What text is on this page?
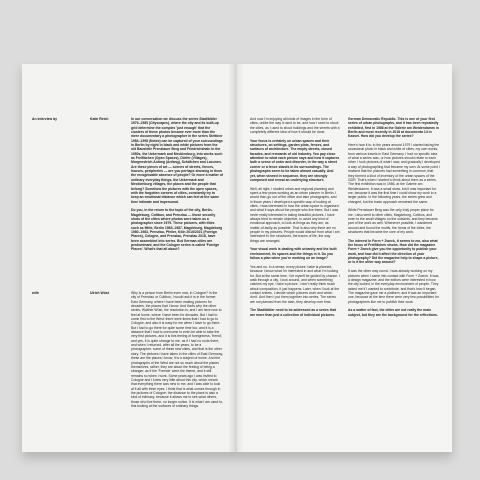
An interview by	Katie Reich
with	Ulrich Wüst

In our conversation we discuss the series Stadtbilder 1979–1985 (Cityscapes), where the city and its built-up grid determine the complex 'just enough' that the clusters of these photos became ever more than the mere documentary a photographer in the series Stettiner 1984–1998 (Notes) can be captured of your surroundings in Berlin by night in black and white pictures from the old Baustelle Prenzlauer Berg and Friedrichshain in the 1980s, the Uckermark and Mecklenburg, into works such as Freiflächen (Open Spaces), Dörfer (Villages), Morgenstrich Anfang (Anfang), Schäfchen and Lacunen. Are these pieces of art — scenes of streets, fences, houses, peripheries — are you perhaps showing in them the recognisable absence of people? Or more a matter of ordinary everyday things, the Uckermark and Mecklenburg villages, the places and the people that belong? Somehow the pictures with the open spaces, with the forgotten corners of cities, constantly try to keep an emotional distance which can feel at the same time intimate and impersonal.

Do you, in the return to the topic of the city, Berlin, Magdeburg, Cottbus, and Prenzlau — those security shots of the cities where photos were taken as a photographer since 1979. These pictures, with titles such as Mitte, Berlin 1983–1987, Magdeburg, Magdeburg 1980–1983, Prenzlau, Pfeiler, Köln 2016/2021 (Foreign Places), Cologne, and Prenzlau, Prenzlau 2018, have been assembled into series. But German cities are predominant, and the Cologne series is called 'Foreign Places'. What's that all about?

Why is a person from Berlin even now, in Cologne? In the city of Prenzlau or Cottbus, I would ask it is in the former East Germany, where I have been making pictures for decades, the places that I know. And that's why the other series, Walther Wüst, the resolution is, and I am here now to feel at home, where I have been for decades. But I had to come first to the West: there were times that I had to go to Cologne, and also it is easy for me when I have to go there. But I had to go there for quite some time too, and it is a distance that I had to overcome to even be able to take the very first pictures, and it is this feeling of foreignness, 'fremd', and yes, it is quite strange to me, as if I had no roots there, and when I returned, after all the years, to be a photographer, some of these new cities, and that is the other story. The pictures I have taken in the cities of East Germany, these are the places I know, it is a subject of home. And the photographs of the West are not so much about the places themselves, rather, they are about the feeling of being a stranger, as if the 'Fremde' were the theme, and it still remains so when I work. Some years ago I was invited to Cologne and I knew very little about this city, which meant that everything there was new to me, and I was able to look at it all with fresh eyes. I think that is what comes through in the pictures of Cologne: the distance to the place is also a kind of intimacy, because it allows me to see what others, those who live there, no longer notice. It is what I am used to, this looking at the surfaces of ordinary things.

And now I'm enjoying all kinds of images in the form of cities, unlike the way it used to be, and how I used to shoot the cities, as I used to shoot buildings and the streets with a completely different idea of how it should be done.

Your focus is certainly on urban spaces and their structures, on settings, garden plots, fences, and surfaces of architecture. The empty streets, closed facades, and remnants of old industry. You pay close attention to what each picture says and how it captures both a sense of order and disorder, in the way a street corner or a fence stands in its surroundings. The photographs seem to be taken almost casually. And yet, when viewed in sequence, they are strongly composed and reveal an underlying structure.

Well, all right, I studied urban and regional planning and spent a few years working as an urban planner in Berlin. I would then go out of the office and take photographs, and in those years I developed a specific way of looking at cities. I was interested in how the urban space is organised and what it says about the people who live there. But I was never really interested in taking beautiful pictures. I have always tried to remain objective, to avoid any kind of emotional approach, to look at things as they are, as matter-of-factly as possible. That is also why there are no people in my pictures. People would distract from what I am interested in: the structures, the traces of life, the way things are arranged.

Your visual work is dealing with urbanity and the built environment, its spaces and the things in it. Do you follow a plan when you're working on an image?

Yes and no. In a sense, every picture I take is planned, because I know what I'm interested in and what I'm looking for. But at the same time, I let myself be guided by chance. I walk through a city, I look around, and when something catches my eye, I take a picture. I don't really think much about composition, it just happens. Later, when I look at the contact sheets, I decide which pictures work and which don't. And then I put them together into series. The series are not planned from the start, they develop over time.

The Stadtbilder need to be addressed as a series that are more than just a collection of individual pictures.

German Democratic Republic. This is one of your first series of urban photographs, and it has been repeatedly exhibited, first in 1986 at the Galerie am Weidendamm in Berlin and most recently in 2018 at documenta 14 in Kassel. How did you develop the series?

Here's how it is: in the years around 1979 I started taking the occasional photo in black and white of cities, my own works, from various travels in East Germany. I had no specific idea of what a series was, or how pictures should relate to each other. I took pictures of what I saw, and gradually I developed a way of photographing that became my own. At some point I realised that the pictures had something in common, that they formed a kind of inventory of the urban spaces of the GDR. That's when I started to think about them as a series. The first exhibition was in 1986, at the Galerie am Weidendamm. It was a small show, but it was important for me, because it was the first time I could show my work to a larger public. In the following years, the series grew and changed, but the basic approach remained the same.

While Prenzlauer Berg was the only truly proper place for me, I also went to other cities, Magdeburg, Cottbus, and even to the small villages on the outskirts, and they became part of the work as well. Whenever possible, I wandered around and found the motifs, the forms of the cities, the structures that became the core of my work.

The interest in Form + Zweck, it seems to me, also what the focus of Freiflächen shows. How did the magazine Form + Zweck give you the opportunity to publish your work, and how did it affect the direction of your photography? Did the magazine help to shape a picture, or is it the other way around?

It was the other way round. I was already working on my pictures when I came into contact with Form + Zweck. It was a design magazine, and the editors were interested in how the city looked, in the everyday environment of people. They asked me if I wanted to contribute, and that's how it began. The magazine gave me a platform, and it was an important one, because at the time there were very few possibilities for photographers like me to publish their work.

As a matter of fact, the cities are not really the main subject, but they are the background for the reflections.
